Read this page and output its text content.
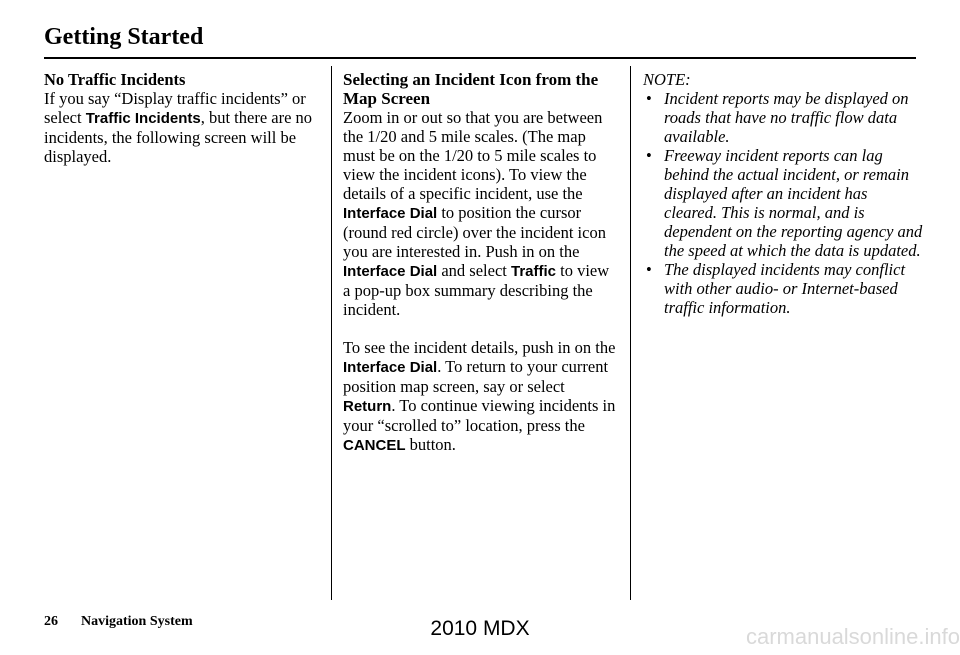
Getting Started
No Traffic Incidents

If you say “Display traffic incidents” or select Traffic Incidents, but there are no incidents, the following screen will be displayed.

Selecting an Incident Icon from the Map Screen

Zoom in or out so that you are between the 1/20 and 5 mile scales. (The map must be on the 1/20 to 5 mile scales to view the incident icons). To view the details of a specific incident, use the Interface Dial to position the cursor (round red circle) over the incident icon you are interested in. Push in on the Interface Dial and select Traffic to view a pop-up box summary describing the incident.

To see the incident details, push in on the Interface Dial. To return to your current position map screen, say or select Return. To continue viewing incidents in your “scrolled to” location, press the CANCEL button.

NOTE:

• Incident reports may be displayed on roads that have no traffic flow data available.
• Freeway incident reports can lag behind the actual incident, or remain displayed after an incident has cleared. This is normal, and is dependent on the reporting agency and the speed at which the data is updated.
• The displayed incidents may conflict with other audio- or Internet-based traffic information.
26 Navigation System	2010 MDX	carmanualsonline.info
